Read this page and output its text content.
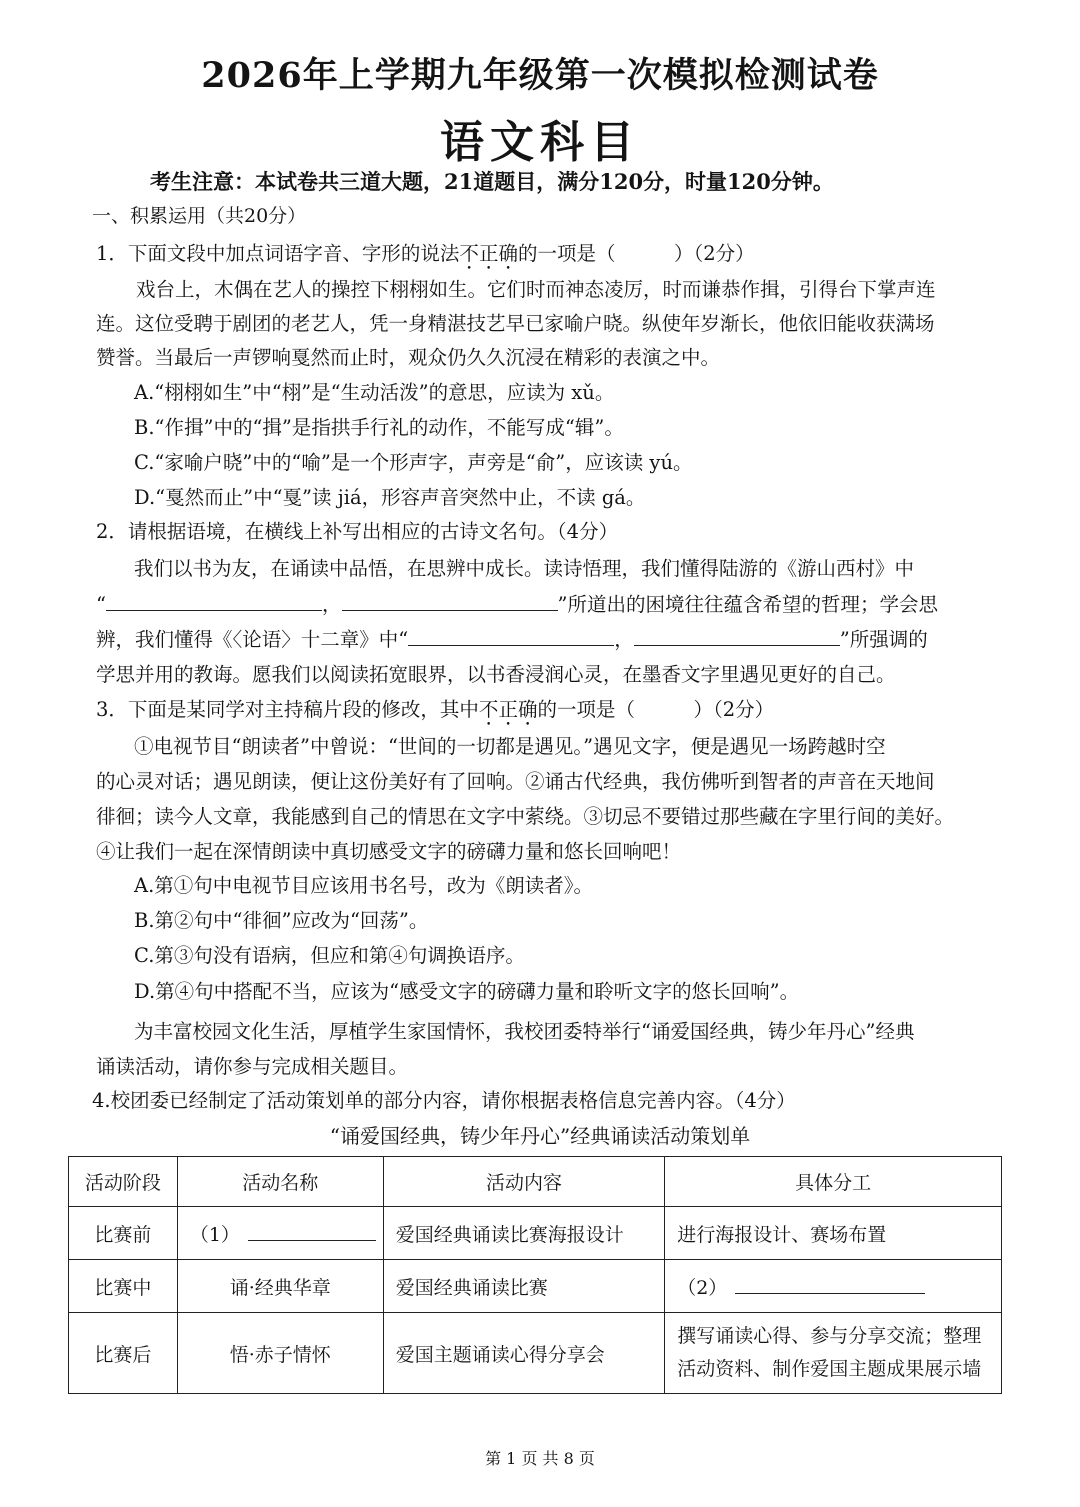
2026年上学期九年级第一次模拟检测试卷
语文科目
考生注意：本试卷共三道大题，21道题目，满分120分，时量120分钟。
一、积累运用（共20分）
1．下面文段中加点词语字音、字形的说法不正确的一项是（　　　）（2分）
戏台上，木偶在艺人的操控下栩栩如生。它们时而神态凌厉，时而谦恭作揖，引得台下掌声连
连。这位受聘于剧团的老艺人，凭一身精湛技艺早已家喻户晓。纵使年岁渐长，他依旧能收获满场
赞誉。当最后一声锣响戛然而止时，观众仍久久沉浸在精彩的表演之中。
A.“栩栩如生”中“栩”是“生动活泼”的意思，应读为 xǔ。
B.“作揖”中的“揖”是指拱手行礼的动作，不能写成“辑”。
C.“家喻户晓”中的“喻”是一个形声字，声旁是“俞”，应该读 yú。
D.“戛然而止”中“戛”读 jiá，形容声音突然中止，不读 gá。
2．请根据语境，在横线上补写出相应的古诗文名句。（4分）
我们以书为友，在诵读中品悟，在思辨中成长。读诗悟理，我们懂得陆游的《游山西村》中
“	，	”所道出的困境往往蕴含希望的哲理；学会思
辨，我们懂得《〈论语〉十二章》中“	，	”所强调的
学思并用的教诲。愿我们以阅读拓宽眼界，以书香浸润心灵，在墨香文字里遇见更好的自己。
3．下面是某同学对主持稿片段的修改，其中不正确的一项是（　　　）（2分）
①电视节目“朗读者”中曾说：“世间的一切都是遇见。”遇见文字，便是遇见一场跨越时空
的心灵对话；遇见朗读，便让这份美好有了回响。②诵古代经典，我仿佛听到智者的声音在天地间
徘徊；读今人文章，我能感到自己的情思在文字中萦绕。③切忌不要错过那些藏在字里行间的美好。
④让我们一起在深情朗读中真切感受文字的磅礴力量和悠长回响吧！
A.第①句中电视节目应该用书名号，改为《朗读者》。
B.第②句中“徘徊”应改为“回荡”。
C.第③句没有语病，但应和第④句调换语序。
D.第④句中搭配不当，应该为“感受文字的磅礴力量和聆听文字的悠长回响”。
为丰富校园文化生活，厚植学生家国情怀，我校团委特举行“诵爱国经典，铸少年丹心”经典
诵读活动，请你参与完成相关题目。
4.校团委已经制定了活动策划单的部分内容，请你根据表格信息完善内容。（4分）
“诵爱国经典，铸少年丹心”经典诵读活动策划单
活动阶段	活动名称	活动内容	具体分工
比赛前	（1）	爱国经典诵读比赛海报设计	进行海报设计、赛场布置
比赛中	诵·经典华章	爱国经典诵读比赛	（2）
比赛后	悟·赤子情怀	爱国主题诵读心得分享会	撰写诵读心得、参与分享交流；整理活动资料、制作爱国主题成果展示墙
第 1 页 共 8 页
